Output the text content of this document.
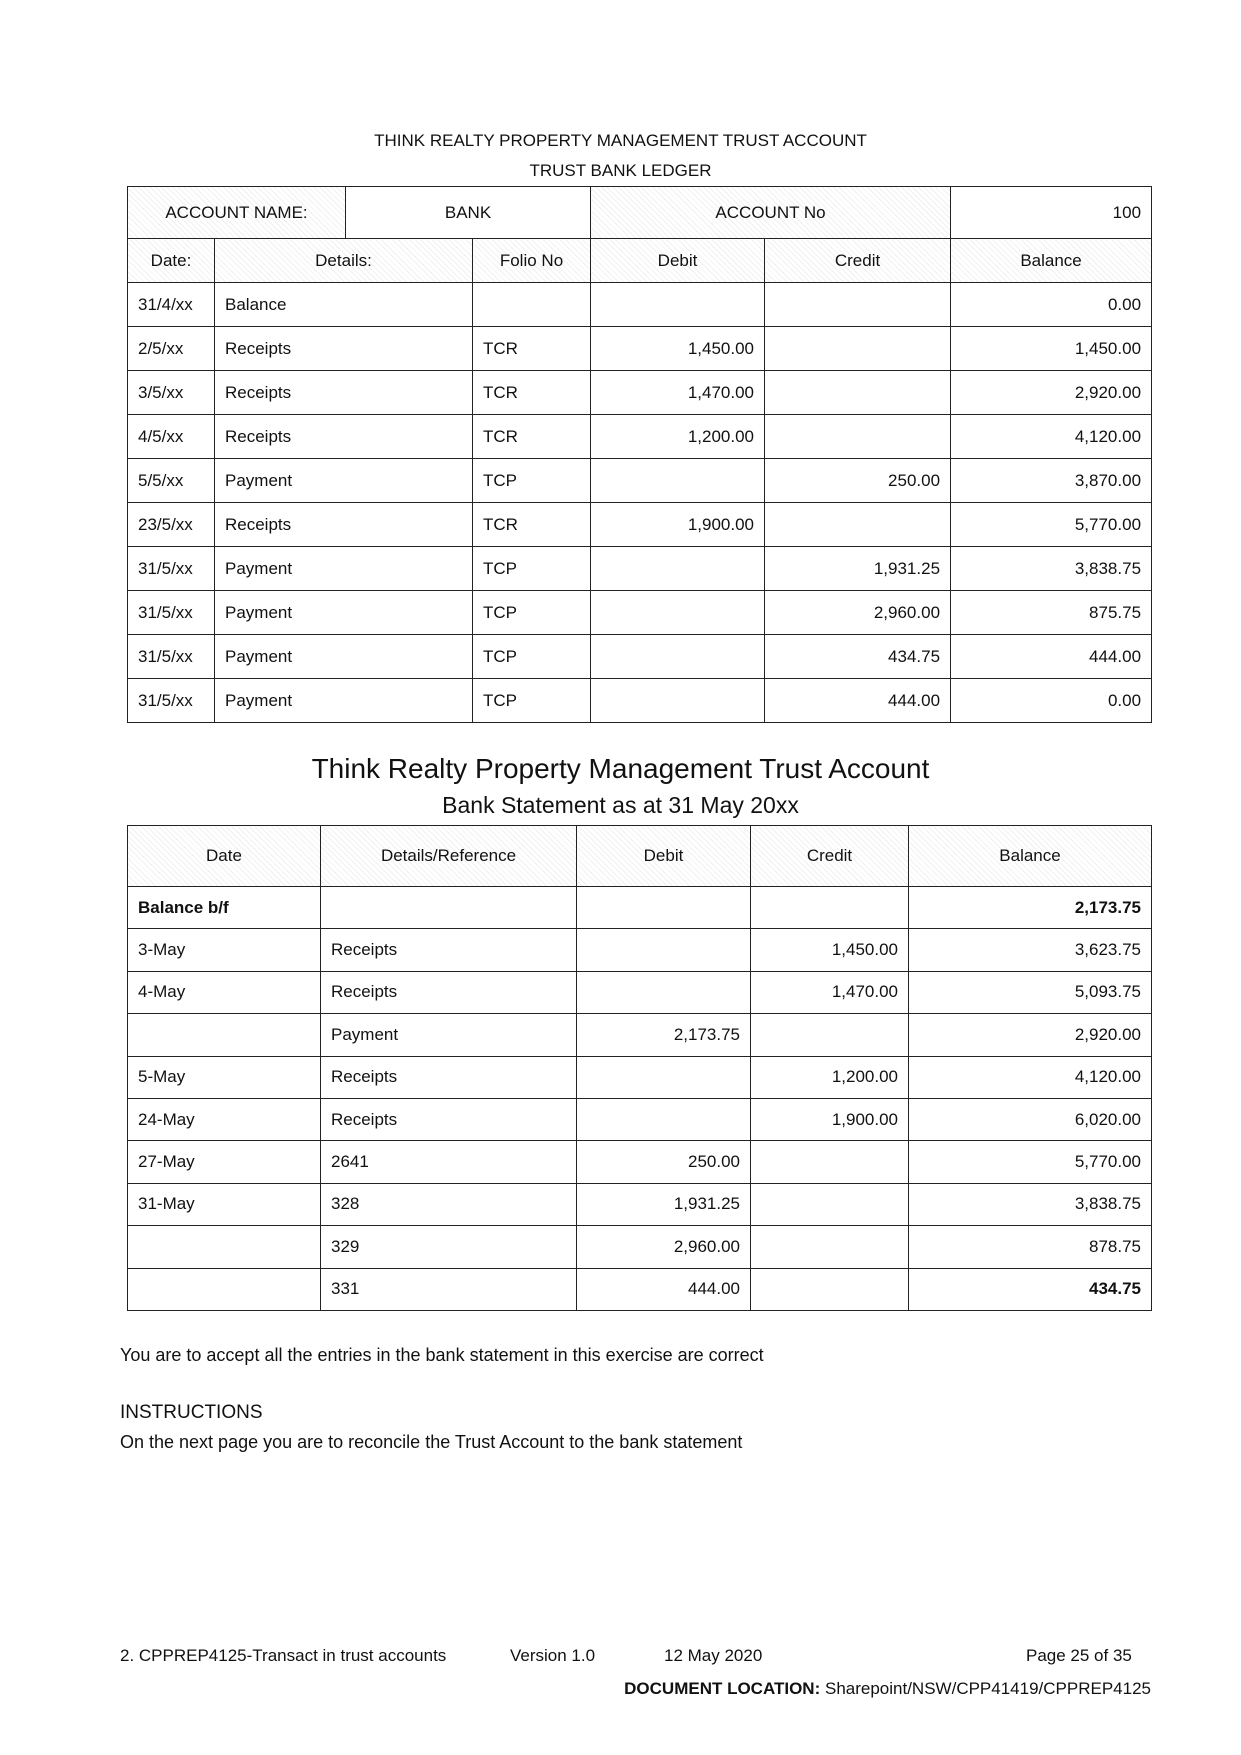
THINK REALTY PROPERTY MANAGEMENT TRUST ACCOUNT
TRUST BANK LEDGER
ACCOUNT NAME:		BANK		ACCOUNT No		100
Date:	Details:		Folio No	Debit	Credit	Balance
31/4/xx	Balance					0.00
2/5/xx	Receipts		TCR	1,450.00		1,450.00
3/5/xx	Receipts		TCR	1,470.00		2,920.00
4/5/xx	Receipts		TCR	1,200.00		4,120.00
5/5/xx	Payment		TCP		250.00	3,870.00
23/5/xx	Receipts		TCR	1,900.00		5,770.00
31/5/xx	Payment		TCP		1,931.25	3,838.75
31/5/xx	Payment		TCP		2,960.00	875.75
31/5/xx	Payment		TCP		434.75	444.00
31/5/xx	Payment		TCP		444.00	0.00
Think Realty Property Management Trust Account
Bank Statement as at 31 May 20xx
Date	Details/Reference	Debit	Credit	Balance
Balance b/f				2,173.75
3-May	Receipts		1,450.00	3,623.75
4-May	Receipts		1,470.00	5,093.75
	Payment	2,173.75		2,920.00
5-May	Receipts		1,200.00	4,120.00
24-May	Receipts		1,900.00	6,020.00
27-May	2641	250.00		5,770.00
31-May	328	1,931.25		3,838.75
	329	2,960.00		878.75
	331	444.00		434.75
You are to accept all the entries in the bank statement in this exercise are correct
INSTRUCTIONS
On the next page you are to reconcile the Trust Account to the bank statement
2. CPPREP4125-Transact in trust accounts	Version 1.0	12 May 2020	Page 25 of 35
DOCUMENT LOCATION: Sharepoint/NSW/CPP41419/CPPREP4125
